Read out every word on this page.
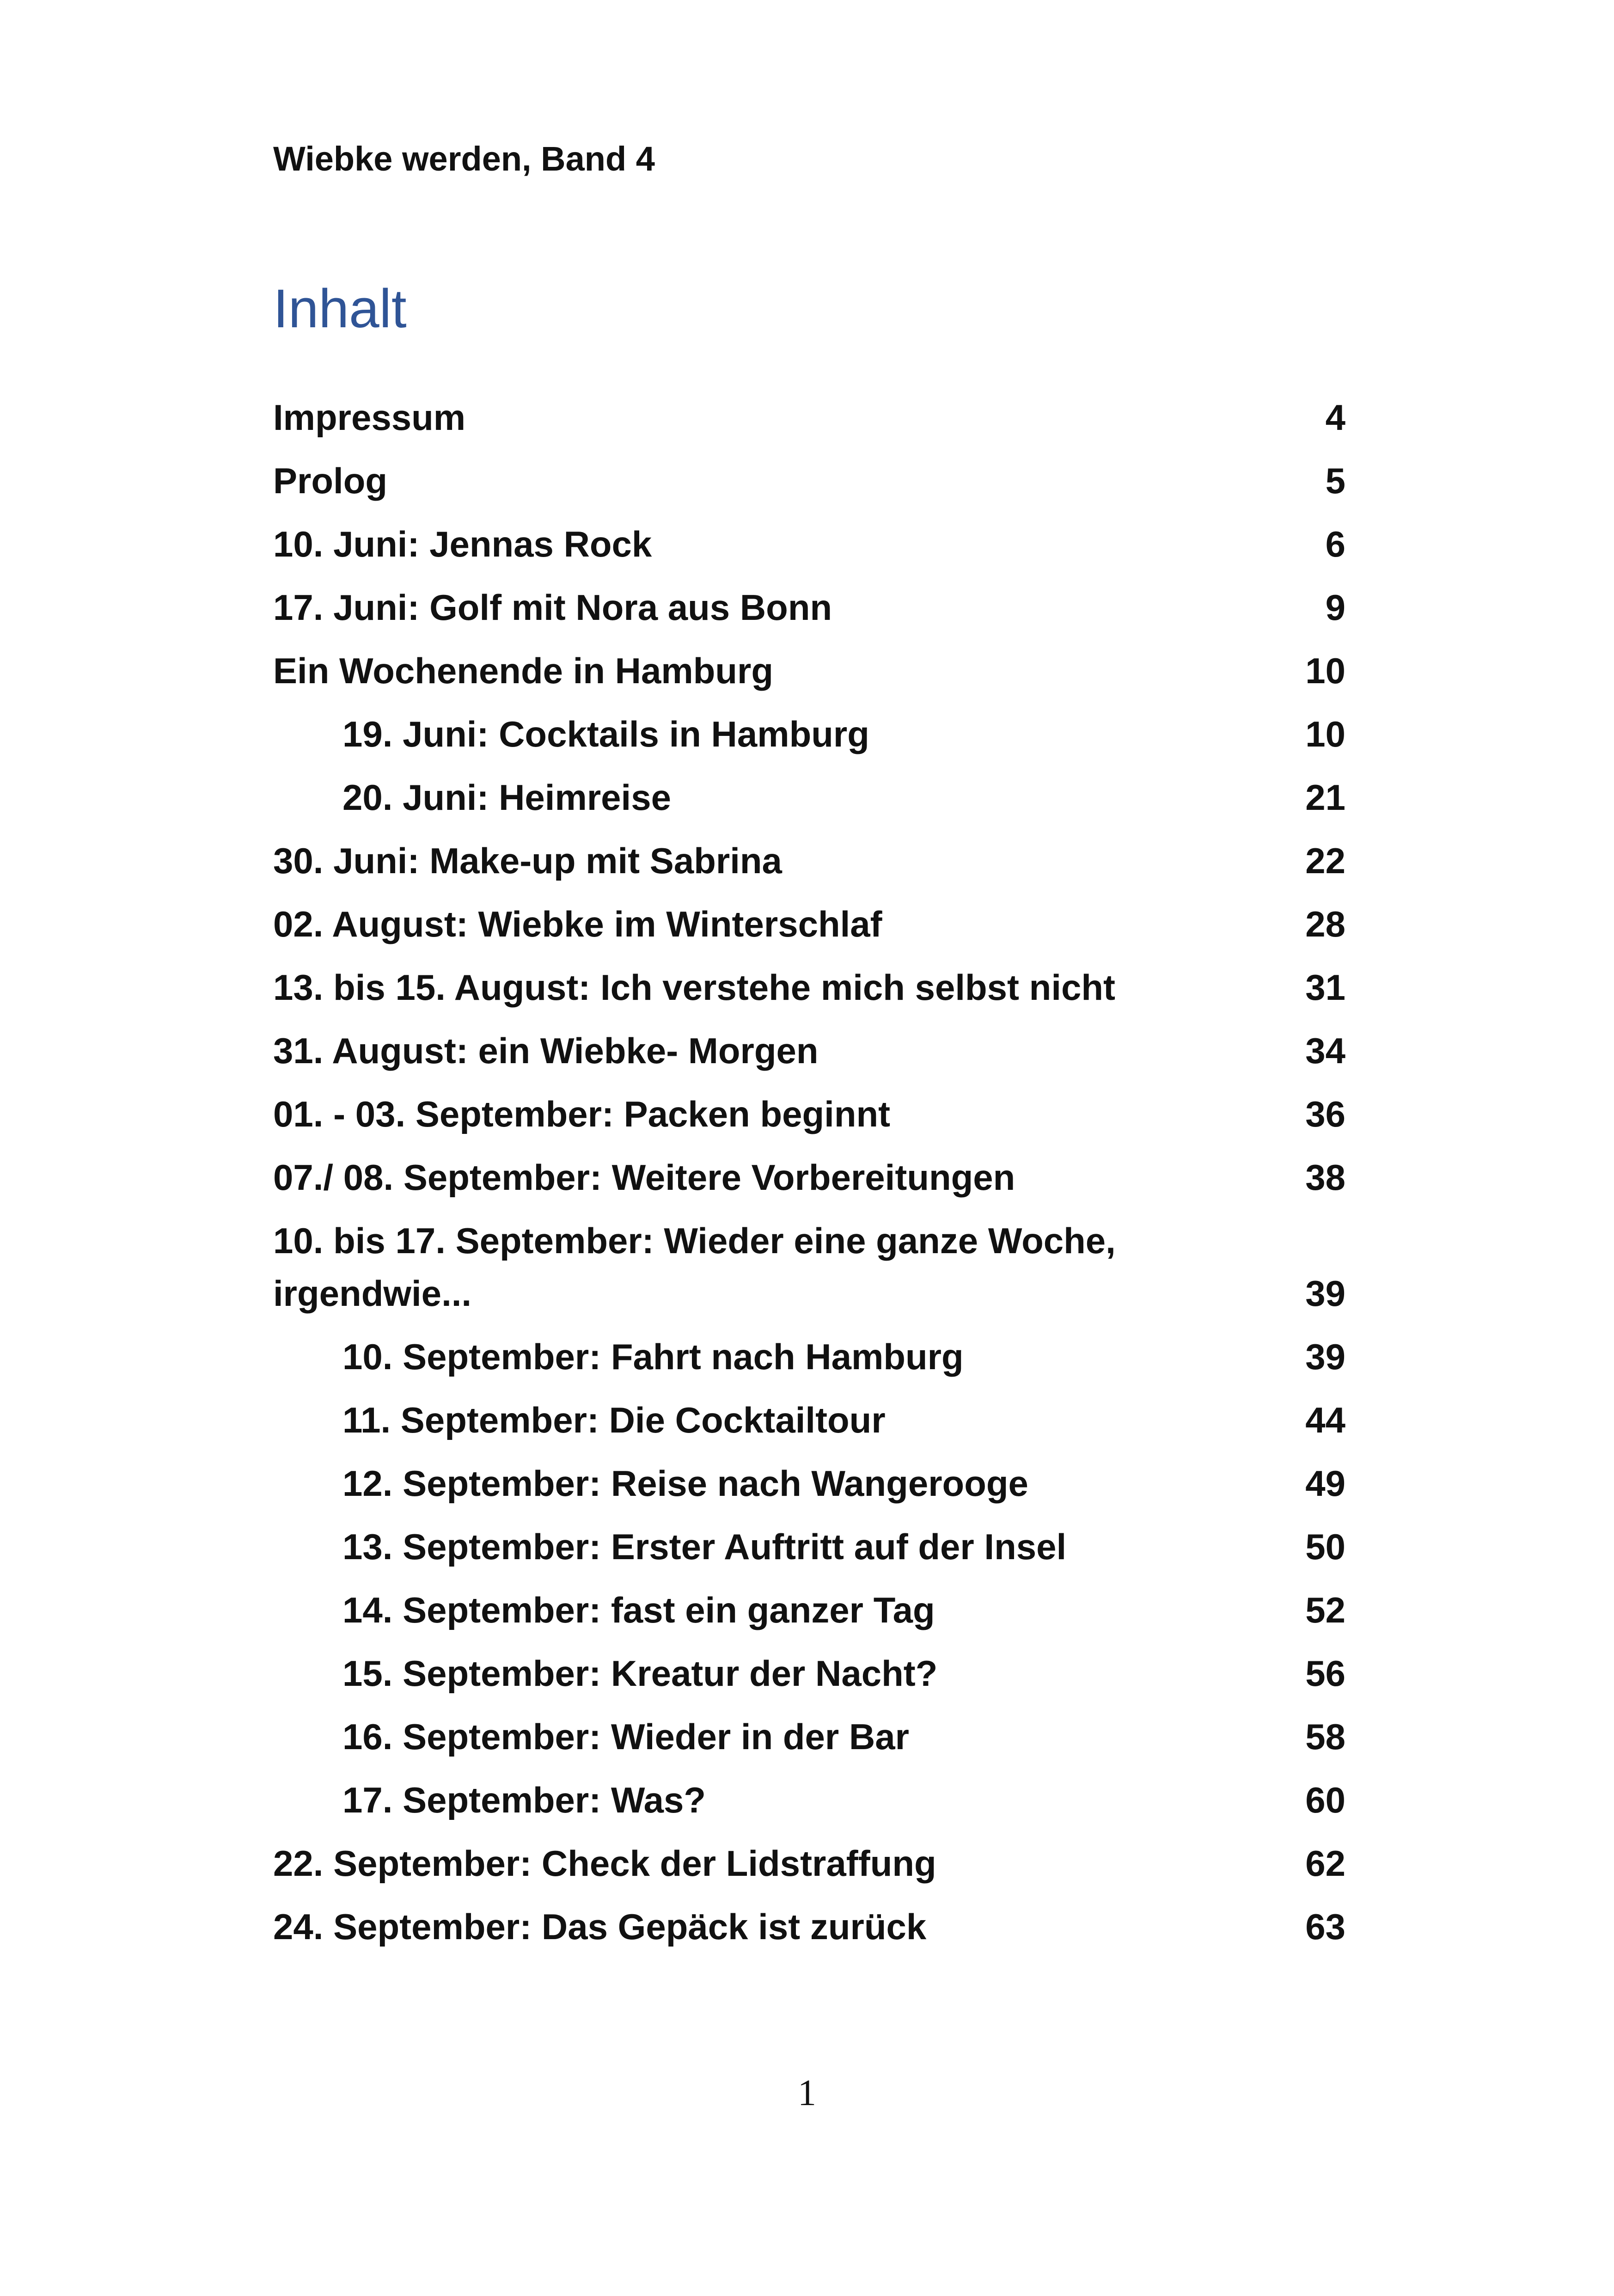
Wiebke werden, Band 4
Inhalt
Impressum	4
Prolog	5
10. Juni: Jennas Rock	6
17. Juni: Golf mit Nora aus Bonn	9
Ein Wochenende in Hamburg	10
19. Juni: Cocktails in Hamburg	10
20. Juni: Heimreise	21
30. Juni: Make-up mit Sabrina	22
02. August: Wiebke im Winterschlaf	28
13. bis 15. August: Ich verstehe mich selbst nicht	31
31. August: ein Wiebke- Morgen	34
01. - 03. September: Packen beginnt	36
07./ 08. September: Weitere Vorbereitungen	38
10. bis 17. September: Wieder eine ganze Woche, irgendwie...	39
10. September: Fahrt nach Hamburg	39
11. September: Die Cocktailtour	44
12. September: Reise nach Wangerooge	49
13. September: Erster Auftritt auf der Insel	50
14. September: fast ein ganzer Tag	52
15. September: Kreatur der Nacht?	56
16. September: Wieder in der Bar	58
17. September: Was?	60
22. September: Check der Lidstraffung	62
24. September: Das Gepäck ist zurück	63
1
